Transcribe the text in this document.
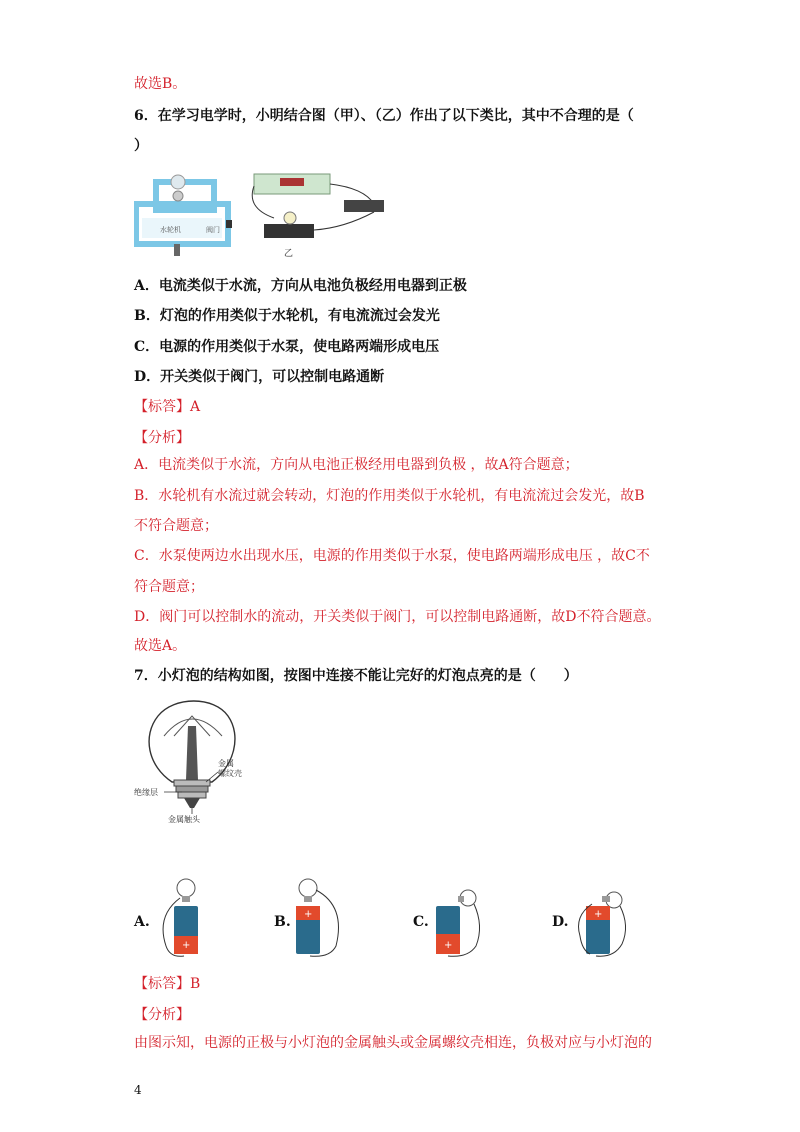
故选B。
6．在学习电学时，小明结合图（甲）、（乙）作出了以下类比，其中不合理的是（
）
水轮机	阀门
乙
A．电流类似于水流，方向从电池负极经用电器到正极
B．灯泡的作用类似于水轮机，有电流流过会发光
C．电源的作用类似于水泵，使电路两端形成电压
D．开关类似于阀门，可以控制电路通断
【标答】A
【分析】
A．电流类似于水流，方向从电池正极经用电器到负极 ，故A符合题意；
B．水轮机有水流过就会转动，灯泡的作用类似于水轮机，有电流流过会发光，故B
不符合题意；
C．水泵使两边水出现水压，电源的作用类似于水泵，使电路两端形成电压 ，故C不
符合题意；
D．阀门可以控制水的流动，开关类似于阀门，可以控制电路通断，故D不符合题意。
故选A。
7．小灯泡的结构如图，按图中连接不能让完好的灯泡点亮的是（　　）
金属
螺纹壳
绝缘层
金属触头
A.
+
B. +	C.
+
D.	+
【标答】B
【分析】
由图示知，电源的正极与小灯泡的金属触头或金属螺纹壳相连，负极对应与小灯泡的
4
